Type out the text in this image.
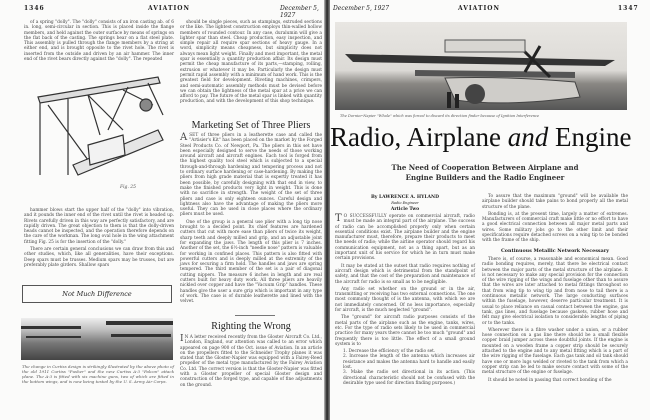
1346	AVIATION	December 5, 1927

of a spring "dolly". The "dolly" consists of an iron casting ab. of 6 in. long, semi-circular in section. This is placed inside the flange members, and held against the outer surface by means of springs on the flat back of the casting. The springs bear on a flat steel plate. This assembly is pulled through the flange members by a string at either end, and is brought opposite to the rivet hole. The rivet is inserted from the outside and driven by an air hammer. The inner end of the rivet bears directly against the "dolly". The repeated

should be single pieces, such as stampings, extruded sections or the like. The lightest construction employs thin-walled hollow members of rounded contour. In any case, duralumin will give a lighter spar than steel. Cheap production, easy inspection, and simple repair all require spar sections of heavy gauge. In a word, simplicity means cheapness, but simplicity does not always mean light weight. Finally and most important, the metal spar is essentially a quantity production affair. Its design must permit the cheap manufacture of its parts,—stamping, rolling, extrusion or whatever it may be. Particularly the design must permit rapid assembly with a minimum of hand work. This is the greatest field for development. Riveting machines, crimpers, and semi-automatic assembly methods must be devised before we can obtain the lightness of the metal spar at a price we can afford to pay. The future of the metal spar is linked with quantity production, and with the development of this shop technique.

Fig. 25

hammer blows start the upper half of the "dolly" into vibration, and it pounds the inner end of the rivet until the rivet is headed up. Rivets carefully driven in this way are perfectly satisfactory, and are rapidly driven. The great objection to them is that the dolly-driven heads cannot be inspected, and the operation therefore depends on the care of the workman. The long oval hole in the wing attachment fitting Fig. 25 is for the insertion of the "dolly."

There are certain general conclusions we can draw from this and other studies, which, like all generalities, have their exceptions. Deep spars must be trusses. Medium spars may be trusses, but are preferably plate girders. Shallow spars

Not Much Difference
The change in Curtiss design is strikingly illustrated by the above photo of the old 1911 Curtiss "Pusher" and the new Curtiss A-3 "Falcon" attack plane. The A-3 is fitted with six machine guns, two of which are fitted in the bottom wings, and is now being tested by the U. S. Army Air Corps.
Marketing Set of Three Pliers

ASET of three pliers in a leatherette case and called the "Artisier's Kit" has been placed on the market by the Forged Steel Products Co. of Newport, Pa. The pliers in this set have been especially designed to serve the needs of those working around aircraft and aircraft engines. Each tool is forged from the highest quality tool steel which is subjected to a special through-and-through hardening and tempering process and not to ordinary surface hardening or case-hardening. By making the pliers from high grade material that is expertly treated it has been possible, by carefully designing with that end in view, to make the finished products very light in weight. This is done with no sacrifice in strength. The weight of the set of three pliers and case is only eighteen ounces. Careful design and lightness also have the advantage of making the pliers more useful. They can be used in close places where the ordinary pliers must be used.

One of the group is a general use plier with a long tip nose brought to a decided point. Its chief features are hardened cutters that cut with more ease than pliers of twice its weight, sharp teeth and deeply milled and grip, and an adjustable joint for expanding the jaws. The length of this plier is 7 inches. Another of the set, the 6½-inch "needle nose" pattern is valuable for working in confined places. This pattern is also fitted with powerful cutters and is deeply milled at the extremity of the jaws for securing a firm hold. The handles and jaws are spring tempered. The third member of the set is a pair of diagonal cutting nippers. The measure 6 inches in length and are real cutters built for heavy duty work. All three pliers are heavily nickled over copper and have the "Vacuum Grip" handles. These handles give the user a sure grip which is important in any type of work. The case is of durable leatherette and lined with the velvet.

Righting the Wrong

I N A letter received recently from the Gloster Aircraft Co. Ltd., London, England, our attention was called to an error which appeared on page 900 of the Oct. issue of Aviation. In an article on the propellers fitted to the Schneider Trophy planes it was stated that the Gloster-Napier was equipped with a Fairey-Reed propeller of the metal type manufactured by the Fairey Aviation Co. Ltd. The correct version is that the Gloster-Napier was fitted with a Gloster propeller of special Gloster design and construction of the forged type, and capable of fine adjustments on the ground.

December 5, 1927	AVIATION	1347
The Dornier-Napier "Whale" which was forced to discard its direction finder because of Ignition Interference
Radio, Airplane and Engine
The Need of Cooperation Between Airplane and Engine Builders and the Radio Engineer
By LAWRENCE A. HYLAND
Radio Engineer
Article Two

T O SUCCESSFULLY operate on commercial aircraft, radio must be made an integral part of the airplane. The success of radio can be accomplished properly only when certain essential conditions exist. The airplane builder and the engine manufacturer must, therefore, prepare their products to meet the needs of radio; while the airline operator should regard his communication equipment, not as a thing apart, but as an important unit of his service for which he in turn must make certain provisions.

It may be stated at the outset that radio requires nothing of aircraft design which is detrimental from the standpoint of safety, and that the cost of the preparation and maintenance of the aircraft for radio is so small as to be negligible.

Any radio set whether on the ground or in the air, transmitting or receiving has two external connections. The one most commonly thought of is the antenna, with which we are not immediately concerned. Of no less importance, especially for aircraft, is the much neglected "ground".

The "ground" for aircraft radio purposes consists of the metal parts of the airplane such as the engine, tanks, wires, etc. For the type of radio sets likely to be used in commercial practice for many years there cannot be too much "ground" and frequently there is too little. The effect of a small ground system is to

1. Decrease the efficiency of the radio set.
2. Increase the length of the antenna which increases air resistance and makes the antenna hard to handle and easily lost.
3. Make the radio set directional in its action. (This directional characteristic should not be confused with the desirable type used for direction finding purposes.)

To assure that the maximum "ground" will be available the airplane builder should take pains to bond properly all the metal structure of the plane.

Bonding is, at the present time, largely a matter of extremes. Manufacturers of commercial craft make little or no effort to have a good electrical connection between all major metal parts and wires. Some military jobs go to the other limit and their specifications require detached screws on a wing tip to be bonded with the frame of the ship.

Continuous Metallic Network Necessary

There is, of course, a reasonable and economical mean. Good radio bonding requires, merely, that there be electrical contact between the major parts of the metal structure of the airplane. It is not necessary to make any special provision for the connection of the wire rigging of the wings and fuselage other than to assure that the wires are later attached to metal fittings throughout so that from wing tip to wing tip and from nose to tail there is a continuous metallic network. The large conducting surfaces within the fuselage, however, deserve particular treatment. It is usual to place reliance on casual contact between the engine, gas tank, gas lines, and fuselage because gaskets, rubber hose and felt may give electrical isolation to considerable lengths of piping or to the tanks.

Wherever there is a fibre washer under a union, or a rubber hose connection on a gas line there should be a small flexible copper braid jumper across these doubtful joints. If the engine is mounted on a wooden frame a copper strip should be securely attached to the engine and to any metal fitting which is a part of the wire rigging of the fuselage. Each gas tank and oil tank should have one or more lugs welded or riveted to the tank from which a copper strip can be led to make secure contact with some of the metal structure of the engine or fuselage.

It should be noted in passing that correct bonding of the
